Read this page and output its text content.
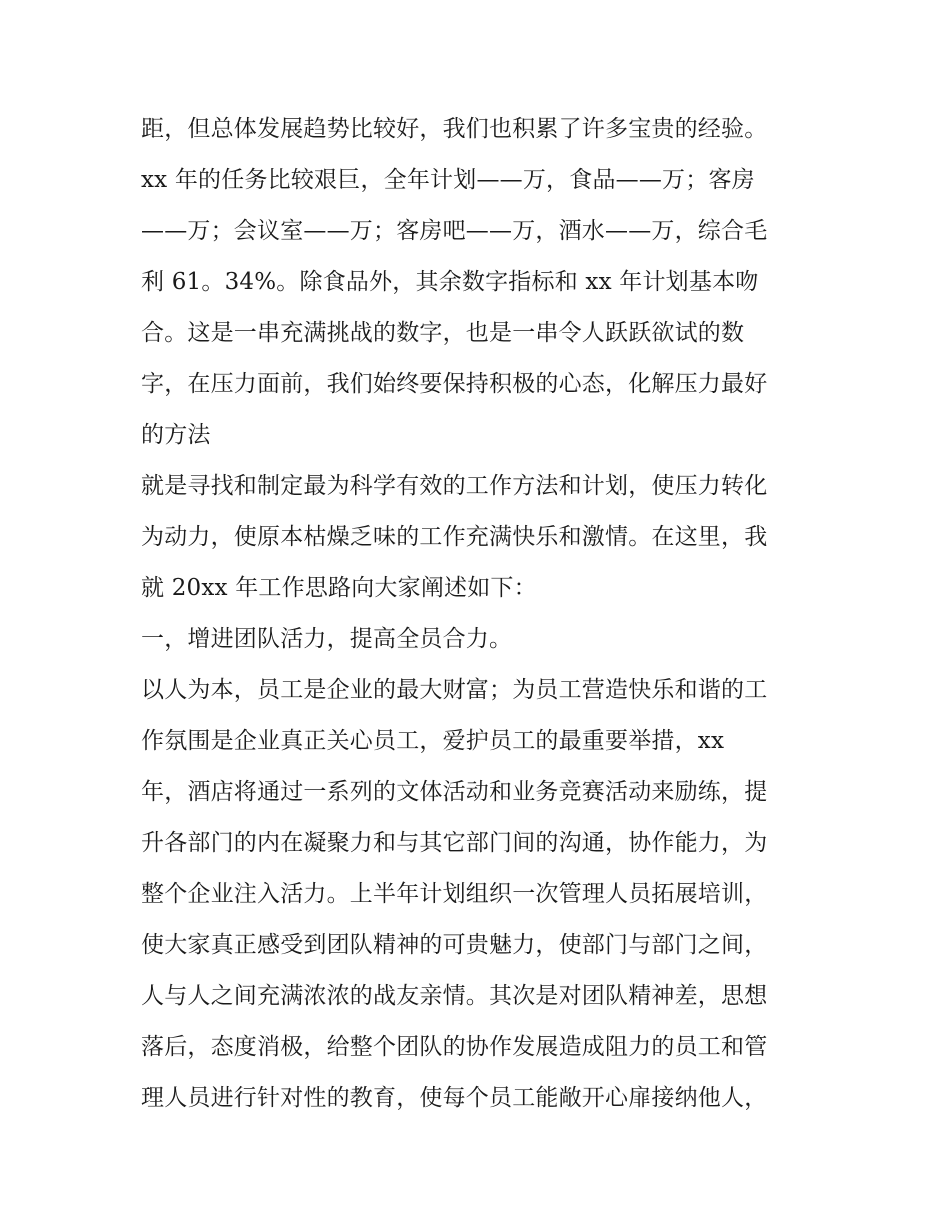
距，但总体发展趋势比较好，我们也积累了许多宝贵的经验。
xx 年的任务比较艰巨，全年计划——万，食品——万；客房
——万；会议室——万；客房吧——万，酒水——万，综合毛
利 61。34%。除食品外，其余数字指标和 xx 年计划基本吻
合。这是一串充满挑战的数字，也是一串令人跃跃欲试的数
字，在压力面前，我们始终要保持积极的心态，化解压力最好
的方法
就是寻找和制定最为科学有效的工作方法和计划，使压力转化
为动力，使原本枯燥乏味的工作充满快乐和激情。在这里，我
就 20xx 年工作思路向大家阐述如下：
一，增进团队活力，提高全员合力。
以人为本，员工是企业的最大财富；为员工营造快乐和谐的工
作氛围是企业真正关心员工，爱护员工的最重要举措，xx
年，酒店将通过一系列的文体活动和业务竞赛活动来励练，提
升各部门的内在凝聚力和与其它部门间的沟通，协作能力，为
整个企业注入活力。上半年计划组织一次管理人员拓展培训，
使大家真正感受到团队精神的可贵魅力，使部门与部门之间，
人与人之间充满浓浓的战友亲情。其次是对团队精神差，思想
落后，态度消极，给整个团队的协作发展造成阻力的员工和管
理人员进行针对性的教育，使每个员工能敞开心扉接纳他人，
